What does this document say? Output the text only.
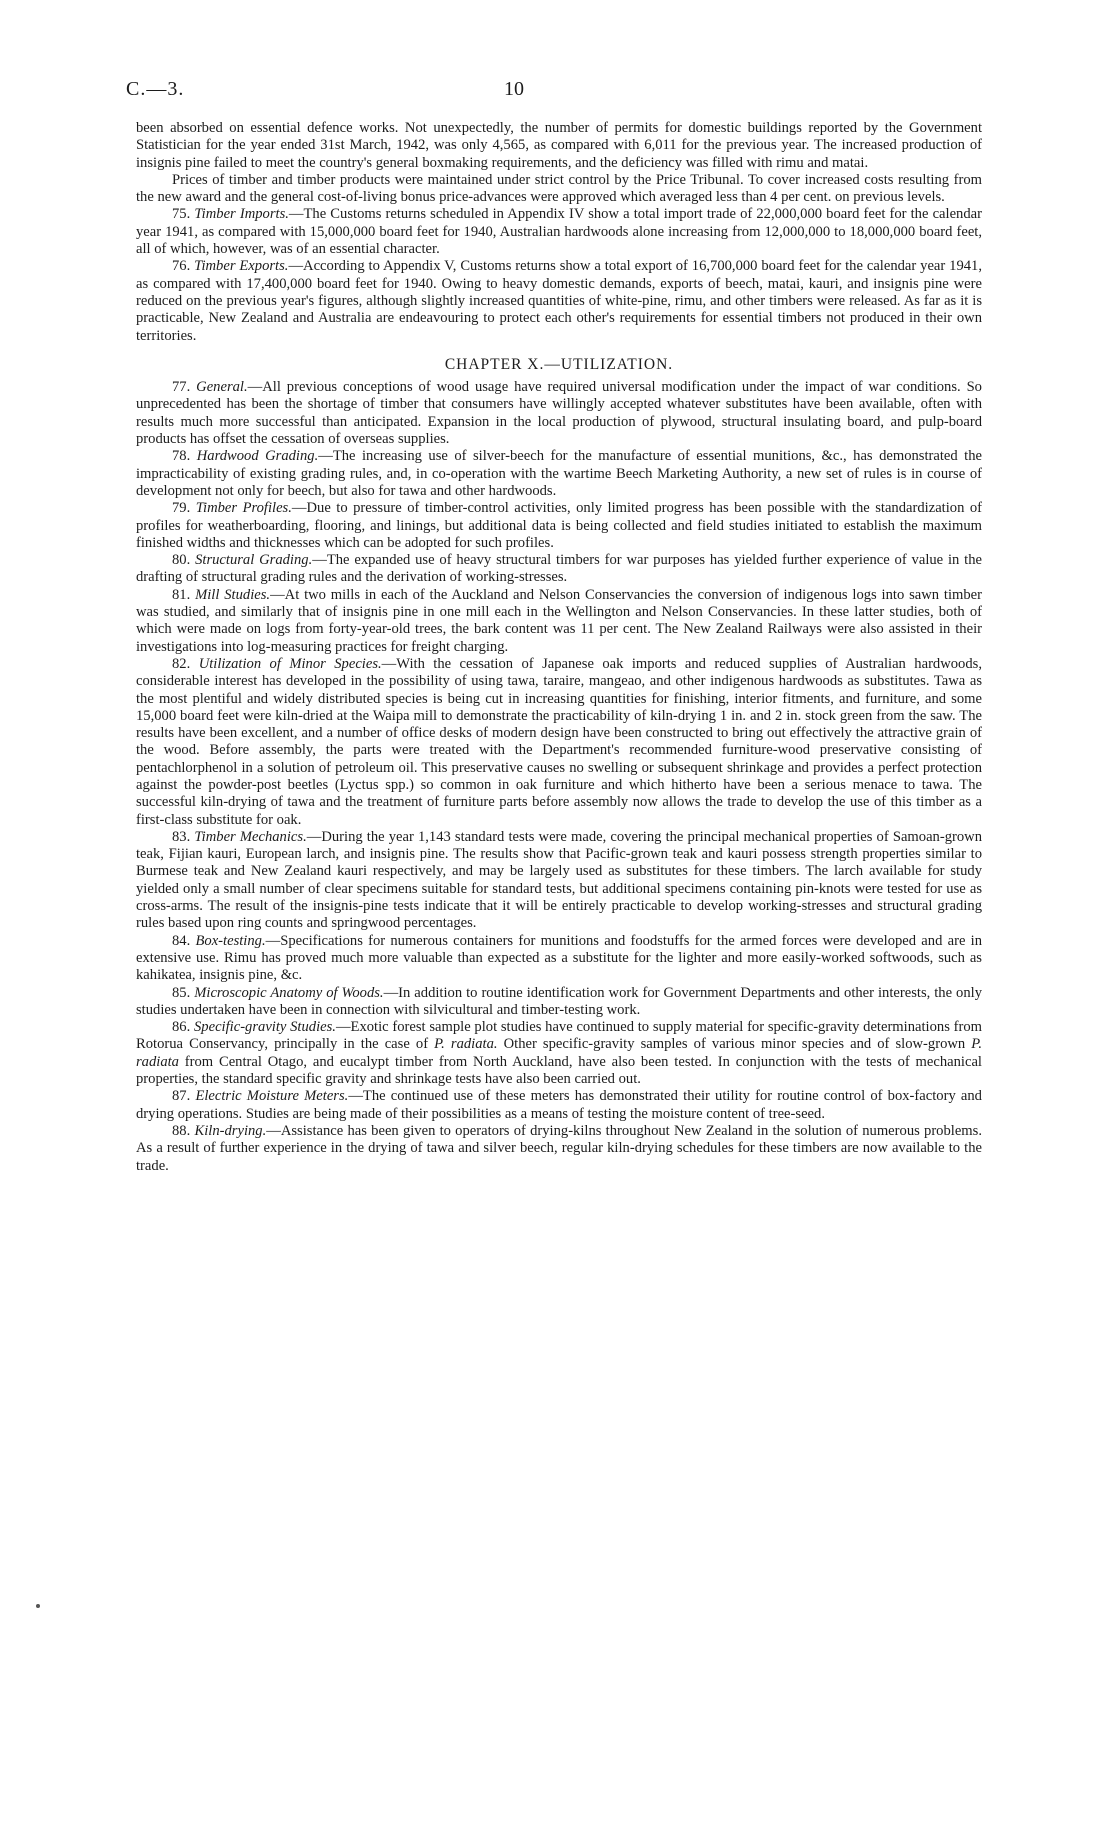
C.—3.	10

been absorbed on essential defence works. Not unexpectedly, the number of permits for domestic buildings reported by the Government Statistician for the year ended 31st March, 1942, was only 4,565, as compared with 6,011 for the previous year. The increased production of insignis pine failed to meet the country's general boxmaking requirements, and the deficiency was filled with rimu and matai.

Prices of timber and timber products were maintained under strict control by the Price Tribunal. To cover increased costs resulting from the new award and the general cost-of-living bonus price-advances were approved which averaged less than 4 per cent. on previous levels.

75. Timber Imports.—The Customs returns scheduled in Appendix IV show a total import trade of 22,000,000 board feet for the calendar year 1941, as compared with 15,000,000 board feet for 1940, Australian hardwoods alone increasing from 12,000,000 to 18,000,000 board feet, all of which, however, was of an essential character.

76. Timber Exports.—According to Appendix V, Customs returns show a total export of 16,700,000 board feet for the calendar year 1941, as compared with 17,400,000 board feet for 1940. Owing to heavy domestic demands, exports of beech, matai, kauri, and insignis pine were reduced on the previous year's figures, although slightly increased quantities of white-pine, rimu, and other timbers were released. As far as it is practicable, New Zealand and Australia are endeavouring to protect each other's requirements for essential timbers not produced in their own territories.

CHAPTER X.—UTILIZATION.

77. General.—All previous conceptions of wood usage have required universal modification under the impact of war conditions. So unprecedented has been the shortage of timber that consumers have willingly accepted whatever substitutes have been available, often with results much more successful than anticipated. Expansion in the local production of plywood, structural insulating board, and pulp-board products has offset the cessation of overseas supplies.

78. Hardwood Grading.—The increasing use of silver-beech for the manufacture of essential munitions, &c., has demonstrated the impracticability of existing grading rules, and, in co-operation with the wartime Beech Marketing Authority, a new set of rules is in course of development not only for beech, but also for tawa and other hardwoods.

79. Timber Profiles.—Due to pressure of timber-control activities, only limited progress has been possible with the standardization of profiles for weatherboarding, flooring, and linings, but additional data is being collected and field studies initiated to establish the maximum finished widths and thicknesses which can be adopted for such profiles.

80. Structural Grading.—The expanded use of heavy structural timbers for war purposes has yielded further experience of value in the drafting of structural grading rules and the derivation of working-stresses.

81. Mill Studies.—At two mills in each of the Auckland and Nelson Conservancies the conversion of indigenous logs into sawn timber was studied, and similarly that of insignis pine in one mill each in the Wellington and Nelson Conservancies. In these latter studies, both of which were made on logs from forty-year-old trees, the bark content was 11 per cent. The New Zealand Railways were also assisted in their investigations into log-measuring practices for freight charging.

82. Utilization of Minor Species.—With the cessation of Japanese oak imports and reduced supplies of Australian hardwoods, considerable interest has developed in the possibility of using tawa, taraire, mangeao, and other indigenous hardwoods as substitutes. Tawa as the most plentiful and widely distributed species is being cut in increasing quantities for finishing, interior fitments, and furniture, and some 15,000 board feet were kiln-dried at the Waipa mill to demonstrate the practicability of kiln-drying 1 in. and 2 in. stock green from the saw. The results have been excellent, and a number of office desks of modern design have been constructed to bring out effectively the attractive grain of the wood. Before assembly, the parts were treated with the Department's recommended furniture-wood preservative consisting of pentachlorphenol in a solution of petroleum oil. This preservative causes no swelling or subsequent shrinkage and provides a perfect protection against the powder-post beetles (Lyctus spp.) so common in oak furniture and which hitherto have been a serious menace to tawa. The successful kiln-drying of tawa and the treatment of furniture parts before assembly now allows the trade to develop the use of this timber as a first-class substitute for oak.

83. Timber Mechanics.—During the year 1,143 standard tests were made, covering the principal mechanical properties of Samoan-grown teak, Fijian kauri, European larch, and insignis pine. The results show that Pacific-grown teak and kauri possess strength properties similar to Burmese teak and New Zealand kauri respectively, and may be largely used as substitutes for these timbers. The larch available for study yielded only a small number of clear specimens suitable for standard tests, but additional specimens containing pin-knots were tested for use as cross-arms. The result of the insignis-pine tests indicate that it will be entirely practicable to develop working-stresses and structural grading rules based upon ring counts and springwood percentages.

84. Box-testing.—Specifications for numerous containers for munitions and foodstuffs for the armed forces were developed and are in extensive use. Rimu has proved much more valuable than expected as a substitute for the lighter and more easily-worked softwoods, such as kahikatea, insignis pine, &c.

85. Microscopic Anatomy of Woods.—In addition to routine identification work for Government Departments and other interests, the only studies undertaken have been in connection with silvicultural and timber-testing work.

86. Specific-gravity Studies.—Exotic forest sample plot studies have continued to supply material for specific-gravity determinations from Rotorua Conservancy, principally in the case of P. radiata. Other specific-gravity samples of various minor species and of slow-grown P. radiata from Central Otago, and eucalypt timber from North Auckland, have also been tested. In conjunction with the tests of mechanical properties, the standard specific gravity and shrinkage tests have also been carried out.

87. Electric Moisture Meters.—The continued use of these meters has demonstrated their utility for routine control of box-factory and drying operations. Studies are being made of their possibilities as a means of testing the moisture content of tree-seed.

88. Kiln-drying.—Assistance has been given to operators of drying-kilns throughout New Zealand in the solution of numerous problems. As a result of further experience in the drying of tawa and silver beech, regular kiln-drying schedules for these timbers are now available to the trade.
